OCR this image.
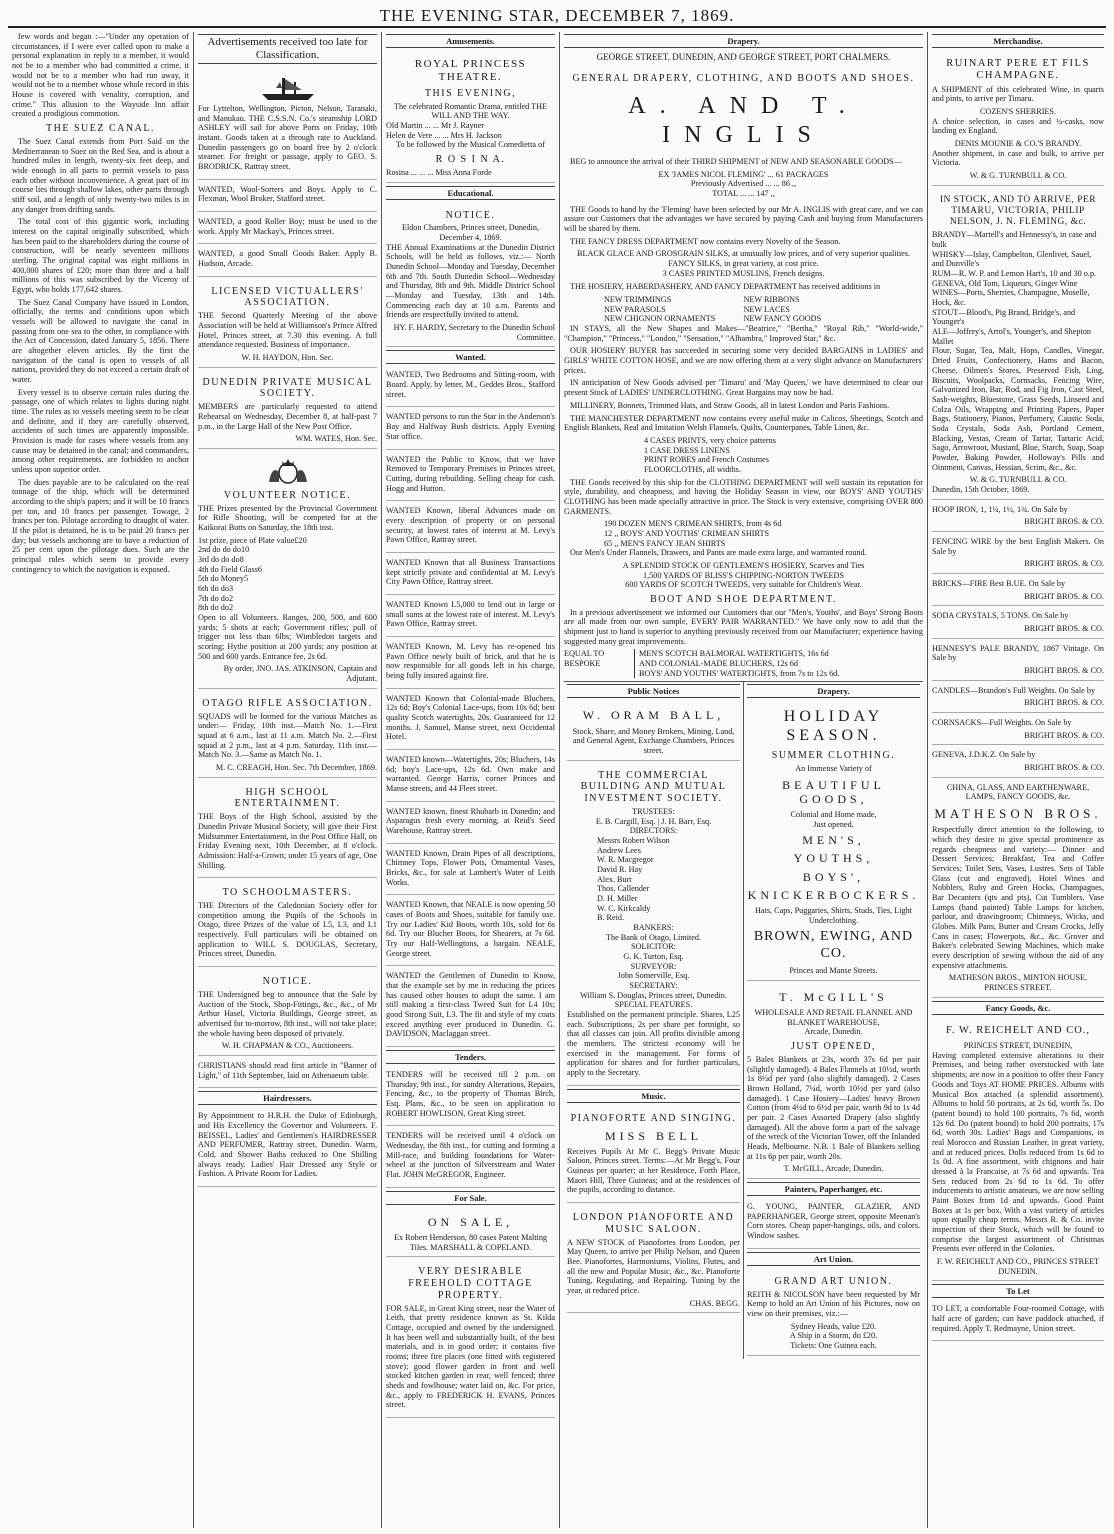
THE EVENING STAR, DECEMBER 7, 1869.

few words and began :—"Under any operation of circumstances, if I were ever called upon to make a personal explanation in reply to a member, it would not be to a member who had committed a crime, it would not be to a member who had run away, it would not be to a member whose whole record in this House is covered with venality, corruption, and crime." This allusion to the Wayside Inn affair created a prodigious commotion.

THE SUEZ CANAL.

The Suez Canal extends from Port Said on the Mediterranean to Suez on the Red Sea, and is about a hundred miles in length, twenty-six feet deep, and wide enough in all parts to permit vessels to pass each other without inconvenience. A great part of its course lies through shallow lakes, other parts through stiff soil, and a length of only twenty-two miles is in any danger from drifting sands.

The total cost of this gigantic work, including interest on the capital originally subscribed, which has been paid to the shareholders during the course of construction, will be nearly seventeen millions sterling. The original capital was eight millions in 400,000 shares of £20; more than three and a half millions of this was subscribed by the Viceroy of Egypt, who holds 177,642 shares.

The Suez Canal Company have issued in London, officially, the terms and conditions upon which vessels will be allowed to navigate the canal in passing from one sea to the other, in compliance with the Act of Concession, dated January 5, 1856. There are altogether eleven articles. By the first the navigation of the canal is open to vessels of all nations, provided they do not exceed a certain draft of water.

Every vessel is to observe certain rules during the passage, one of which relates to lights during night time. The rules as to vessels meeting seem to be clear and definite, and if they are carefully observed, accidents of such times are apparently impossible. Provision is made for cases where vessels from any cause may be detained in the canal; and commanders, among other requirements, are forbidden to anchor unless upon superior order.

The dues payable are to be calculated on the real tonnage of the ship, which will be determined according to the ship's papers; and it will be 10 francs per ton, and 10 francs per passenger. Towage, 2 francs per ton. Pilotage according to draught of water. If the pilot is detained, he is to be paid 20 francs per day; but vessels anchoring are to have a reduction of 25 per cent upon the pilotage dues. Such are the principal rules which seem to provide every contingency to which the navigation is exposed.

Advertisements received too late for Classification.

For Lyttelton, Wellington, Picton, Nelson, Taranaki, and Manukau. THE C.S.S.N. Co.'s steamship LORD ASHLEY will sail for above Ports on Friday, 10th instant. Goods taken at a through rate to Auckland. Dunedin passengers go on board free by 2 o'clock steamer. For freight or passage, apply to GEO. S. BRODRICK, Rattray street.

WANTED, Wool-Sorters and Boys. Apply to C. Flexman, Wool Broker, Stafford street.

WANTED, a good Roller Boy; must be used to the work. Apply Mr Mackay's, Princes street.

WANTED, a good Small Goods Baker. Apply B. Hudson, Arcade.

LICENSED VICTUALLERS' ASSOCIATION.

THE Second Quarterly Meeting of the above Association will be held at Williamson's Prince Alfred Hotel, Princes street, at 7.30 this evening. A full attendance requested. Business of importance.

W. H. HAYDON, Hon. Sec.
DUNEDIN PRIVATE MUSICAL SOCIETY.

MEMBERS are particularly requested to attend Rehearsal on Wednesday, December 8, at half-past 7 p.m., in the Large Hall of the New Post Office.

WM. WATES, Hon. Sec.
VOLUNTEER NOTICE.

THE Prizes presented by the Provincial Government for Rifle Shooting, will be competed for at the Kaikorai Butts on Saturday, the 18th inst.

1st prize, piece of Plate value £20
2nd do do do 10
3rd do do do 8
4th do Field Glass 6
5th do Money 5
6th do do 3
7th do do 2
8th do do 2

Open to all Volunteers. Ranges, 200, 500, and 600 yards; 5 shots at each; Government rifles; pull of trigger not less than 6lbs; Wimbledon targets and scoring; Hythe position at 200 yards; any position at 500 and 600 yards. Entrance fee, 2s 6d.

By order, JNO. JAS. ATKINSON, Captain and Adjutant.
OTAGO RIFLE ASSOCIATION.

SQUADS will be formed for the various Matches as under:— Friday, 10th inst.—Match No. 1.—First squad at 6 a.m., last at 11 a.m. Match No. 2.—First squad at 2 p.m., last at 4 p.m. Saturday, 11th inst.—Match No. 3.—Same as Match No. 1.

M. C. CREAGH, Hon. Sec. 7th December, 1869.
HIGH SCHOOL ENTERTAINMENT.

THE Boys of the High School, assisted by the Dunedin Private Musical Society, will give their First Midsummer Entertainment, in the Post Office Hall, on Friday Evening next, 10th December, at 8 o'clock. Admission: Half-a-Crown; under 15 years of age, One Shilling.

TO SCHOOLMASTERS.

THE Directors of the Caledonian Society offer for competition among the Pupils of the Schools in Otago, three Prizes of the value of L5, L3, and L1 respectively. Full particulars will be obtained on application to WILL S. DOUGLAS, Secretary, Princes street, Dunedin.

NOTICE.

THE Undersigned beg to announce that the Sale by Auction of the Stock, Shop-Fittings, &c., &c., of Mr Arthur Hasel, Victoria Buildings, George street, as advertised for to-morrow, 8th inst., will not take place; the whole having been disposed of privately.

W. H. CHAPMAN & CO., Auctioneers.

CHRISTIANS should read first article in "Banner of Light," of 11th September, laid on Athenaeum table.

Hairdressers.

By Appointment to H.R.H. the Duke of Edinburgh, and His Excellency the Governor and Volunteers. F. BEISSEL, Ladies' and Gentlemen's HAIRDRESSER AND PERFUMER, Rattray street, Dunedin. Warm, Cold, and Shower Baths reduced to One Shilling always ready. Ladies' Hair Dressed any Style or Fashion. A Private Room for Ladies.

Amusements.
ROYAL PRINCESS THEATRE.
THIS EVENING,
The celebrated Romantic Drama, entitled THE WILL AND THE WAY.
Old Martin ... ... Mr J. Rayner
Helen de Vere ... ... Mrs H. Jackson
To be followed by the Musical Comedietta of
R O S I N A.
Rosina ... ... ... Miss Anna Forde
Educational.
NOTICE.
Eldon Chambers, Princes street, Dunedin, December 4, 1869.

THE Annual Examinations at the Dunedin District Schools, will be held as follows, viz.:— North Dunedin School—Monday and Tuesday, December 6th and 7th. South Dunedin School—Wednesday and Thursday, 8th and 9th. Middle District School—Monday and Tuesday, 13th and 14th. Commencing each day at 10 a.m. Parents and friends are respectfully invited to attend.

HY. F. HARDY, Secretary to the Dunedin School Committee.
Wanted.

WANTED, Two Bedrooms and Sitting-room, with Board. Apply, by letter, M., Geddes Bros., Stafford street.

WANTED persons to run the Star in the Anderson's Bay and Halfway Bush districts. Apply Evening Star office.

WANTED the Public to Know, that we have Removed to Temporary Premises in Princes street, Cutting, during rebuilding. Selling cheap for cash. Hogg and Hutton.

WANTED Known, liberal Advances made on every description of property or on personal security, at lowest rates of interest at M. Levy's Pawn Office, Rattray street.

WANTED Known that all Business Transactions kept strictly private and confidential at M. Levy's City Pawn Office, Rattray street.

WANTED Known L5,000 to lend out in large or small sums at the lowest rate of interest. M. Levy's Pawn Office, Rattray street.

WANTED Known, M. Levy has re-opened his Pawn Office newly built of brick, and that he is now responsible for all goods left in his charge, being fully insured against fire.

WANTED Known that Colonial-made Bluchers, 12s 6d; Boy's Colonial Lace-ups, from 10s 6d; best quality Scotch watertights, 20s. Guaranteed for 12 months. J. Samuel, Manse street, next Occidental Hotel.

WANTED known—Watertights, 20s; Bluchers, 14s 6d; boy's Lace-ups, 12s 6d. Own make and warranted. George Harris, corner Princes and Manse streets, and 44 Fleet street.

WANTED known, finest Rhubarb in Dunedin; and Asparagus fresh every morning, at Reid's Seed Warehouse, Rattray street.

WANTED Known, Drain Pipes of all descriptions, Chimney Tops, Flower Pots, Ornamental Vases, Bricks, &c., for sale at Lambert's Water of Leith Works.

WANTED Known, that NEALE is now opening 50 cases of Boots and Shoes, suitable for family use. Try our Ladies' Kid Boots, worth 10s, sold for 6s 6d. Try our Blucher Boots, for Shearers, at 7s 6d. Try our Half-Wellingtons, a bargain. NEALE, George street.

WANTED the Gentlemen of Dunedin to Know, that the example set by me in reducing the prices has caused other houses to adopt the same. I am still making a first-class Tweed Suit for L4 10s; good Strong Suit, L3. The fit and style of my coats exceed anything ever produced in Dunedin. G. DAVIDSON, Maclaggan street.

Tenders.

TENDERS will be received till 2 p.m. on Thursday, 9th inst., for sundry Alterations, Repairs, Fencing, &c., to the property of Thomas Birch, Esq. Plans, &c., to be seen on application to ROBERT HOWLISON, Great King street.

TENDERS will be received until 4 o'clock on Wednesday, the 8th inst., for cutting and forming a Mill-race, and building foundations for Water-wheel at the junction of Silverstream and Water Flat. JOHN McGREGOR, Engineer.

For Sale.
ON SALE,
Ex Robert Henderson, 80 cases Patent Malting Tiles. MARSHALL & COPELAND.
VERY DESIRABLE FREEHOLD COTTAGE PROPERTY.

FOR SALE, in Great King street, near the Water of Leith, that pretty residence known as St. Kilda Cottage, occupied and owned by the undersigned. It has been well and substantially built, of the best materials, and is in good order; it contains five rooms; three fire places (one fitted with registered stove); good flower garden in front and well stocked kitchen garden in rear, well fenced; three sheds and fowlhouse; water laid on, &c. For price, &c., apply to FREDERICK H. EVANS, Princes street.

Drapery.
GEORGE STREET, DUNEDIN, AND GEORGE STREET, PORT CHALMERS.
GENERAL DRAPERY, CLOTHING, AND BOOTS AND SHOES.
A. AND T. INGLIS

BEG to announce the arrival of their THIRD SHIPMENT of NEW AND SEASONABLE GOODS—

EX 'JAMES NICOL FLEMING' ... 61 PACKAGES
Previously Advertised ... ... 86 ,,
TOTAL ... ... 147 ,,

THE Goods to hand by the 'Fleming' have been selected by our Mr A. INGLIS with great care, and we can assure our Customers that the advantages we have secured by paying Cash and buying from Manufacturers will be shared by them.

THE FANCY DRESS DEPARTMENT now contains every Novelty of the Season.

BLACK GLACE AND GROSGRAIN SILKS, at unusually low prices, and of very superior qualities.
FANCY SILKS, in great variety, at cost price.
3 CASES PRINTED MUSLINS, French designs.

THE HOSIERY, HABERDASHERY, AND FANCY DEPARTMENT has received additions in

NEW TRIMMINGS
NEW PARASOLS
NEW CHIGNON ORNAMENTS
NEW RIBBONS
NEW LACES
NEW FANCY GOODS

IN STAYS, all the New Shapes and Makes—"Beatrice," "Bertha," "Royal Rib," "World-wide," "Champion," "Princess," "London," "Sensation," "Alhambra," Improved Star," &c.

OUR HOSIERY BUYER has succeeded in securing some very decided BARGAINS in LADIES' and GIRLS' WHITE COTTON HOSE, and we are now offering them at a very slight advance on Manufacturers' prices.

IN anticipation of New Goods advised per 'Timaru' and 'May Queen,' we have determined to clear our present Stock of LADIES' UNDERCLOTHING. Great Bargains may now be had.

MILLINERY, Bonnets, Trimmed Hats, and Straw Goods, all in latest London and Paris Fashions.

THE MANCHESTER DEPARTMENT now contains every useful make in Calicos, Sheetings, Scotch and English Blankets, Real and Imitation Welsh Flannels, Quilts, Counterpanes, Table Linen, &c.

4 CASES PRINTS, very choice patterns
1 CASE DRESS LINENS
PRINT ROBES and French Costumes
FLOORCLOTHS, all widths.

THE Goods received by this ship for the CLOTHING DEPARTMENT will well sustain its reputation for style, durability, and cheapness, and having the Holiday Season in view, our BOYS' AND YOUTHS' CLOTHING has been made specially attractive in price. The Stock is very extensive, comprising OVER 800 GARMENTS.

190 DOZEN MEN'S CRIMEAN SHIRTS, from 4s 6d
12 ,, BOYS' AND YOUTHS' CRIMEAN SHIRTS
65 ,, MEN'S FANCY JEAN SHIRTS

Our Men's Under Flannels, Drawers, and Pants are made extra large, and warranted round.

A SPLENDID STOCK OF GENTLEMEN'S HOSIERY, Scarves and Ties
1,500 YARDS OF BLISS'S CHIPPING-NORTON TWEEDS
600 YARDS OF SCOTCH TWEEDS, very suitable for Children's Wear.
BOOT AND SHOE DEPARTMENT.

In a previous advertisement we informed our Customers that our "Men's, Youths', and Boys' Strong Boots are all made from our own sample, EVERY PAIR WARRANTED." We have only now to add that the shipment just to hand is superior to anything previously received from our Manufacturer; experience having suggested many great improvements.

EQUAL TO BESPOKE
MEN'S SCOTCH BALMORAL WATERTIGHTS, 16s 6d
AND COLONIAL-MADE BLUCHERS, 12s 6d
BOYS' AND YOUTHS' WATERTIGHTS, from 7s to 12s 6d.
Public Notices
W. ORAM BALL,
Stock, Share, and Money Brokers, Mining, Land, and General Agent, Exchange Chambers, Princes street.
THE COMMERCIAL BUILDING AND MUTUAL INVESTMENT SOCIETY.
TRUSTEES:
E. B. Cargill, Esq. | J. H. Barr, Esq.
DIRECTORS:
Messrs Robert Wilson
Andrew Lees
W. R. Macgregor
David R. Hay
Alex. Burt
Thos. Callender
D. H. Miller
W. C. Kirkcaldy
B. Reid.
BANKERS:
The Bank of Otago, Limited.
SOLICITOR:
G. K. Turton, Esq.
SURVEYOR:
John Somerville, Esq.
SECRETARY:
William S. Douglas, Princes street, Dunedin.
SPECIAL FEATURES.

Established on the permanent principle. Shares, L25 each. Subscriptions, 2s per share per fortnight, so that all classes can join. All profits divisible among the members. The strictest economy will be exercised in the management. For forms of application for shares and for further particulars, apply to the Secretary.

Music.
PIANOFORTE AND SINGING.
MISS BELL

Receives Pupils At Mr C. Begg's Private Music Saloon, Princes street. Terms:—At Mr Begg's, Four Guineas per quarter; at her Residence, Forth Place, Maori Hill, Three Guineas; and at the residences of the pupils, according to distance.

LONDON PIANOFORTE AND MUSIC SALOON.

A NEW STOCK of Pianofortes from London, per May Queen, to arrive per Philip Nelson, and Queen Bee. Pianofortes, Harmoniums, Violins, Flutes, and all the new and Popular Music, &c., &c. Pianoforte Tuning, Regulating, and Repairing. Tuning by the year, at reduced price.

CHAS. BEGG.
Drapery.
HOLIDAY SEASON.
SUMMER CLOTHING.
An Immense Variety of
BEAUTIFUL GOODS,
Colonial and Home made,
Just opened.
MEN'S,
YOUTHS,
BOYS',
KNICKERBOCKERS.
Hats, Caps, Puggaries, Shirts, Studs, Ties, Light Underclothing.
BROWN, EWING, AND CO.
Princes and Manse Streets.
T. McGILL'S
WHOLESALE AND RETAIL FLANNEL AND BLANKET WAREHOUSE,
Arcade, Dunedin.
JUST OPENED,

5 Bales Blankets at 23s, worth 37s 6d per pair (slightly damaged). 4 Bales Flannels at 10½d, worth 1s 8½d per yard (also slightly damaged). 2 Cases Brown Holland, 7¼d, worth 10½d per yard (also damaged). 1 Case Hosiery—Ladies' heavy Brown Cotton (from 4½d to 6½d per pair, worth 9d to 1s 4d per pair. 2 Cases Assorted Drapery (also slightly damaged). All the above form a part of the salvage of the wreck of the Victorian Tower, off the Inlanded Heads, Melbourne. N.B. 1 Bale of Blankets selling at 11s 6p per pair, worth 20s.

T. McGILL, Arcade, Dunedin.
Painters, Paperhanger, etc.

G. YOUNG, PAINTER, GLAZIER, AND PAPERHANGER, George street, opposite Meenan's Corn stores. Cheap paper-hangings, oils, and colors. Window sashes.

Art Union.
GRAND ART UNION.

REITH & NICOLSON have been requested by Mr Kemp to hold an Art Union of his Pictures, now on view on their premises, viz.:—

Sydney Heads, value £20.
A Ship in a Storm, do £20.
Tickets: One Guinea each.
Merchandise.
RUINART PERE ET FILS CHAMPAGNE.

A SHIPMENT of this celebrated Wine, in quarts and pints, to arrive per Timaru.

COZEN'S SHERRIES.

A choice selection, in cases and ¼-casks, now landing ex England.

DENIS MOUNIE & CO.'S BRANDY.

Another shipment, in case and bulk, to arrive per Victoria.

W. & G. TURNBULL & CO.
IN STOCK, AND TO ARRIVE, PER TIMARU, VICTORIA, PHILIP NELSON, J. N. FLEMING, &c.
BRANDY—Martell's and Hennessy's, in case and bulk
WHISKY—Islay, Campbelton, Glenlivet, Sauel, and Dunville's
RUM—R. W. P. and Lemon Hart's, 10 and 30 o.p.
GENEVA, Old Tom, Liqueurs, Ginger Wine
WINES—Ports, Sherries, Champagne, Moselle, Hock, &c.
STOUT—Blood's, Pig Brand, Bridge's, and Younger's
ALE—Joffrey's, Arrol's, Younger's, and Shepton Mallet

Flour, Sugar, Tea, Malt, Hops, Candles, Vinegar, Dried Fruits, Confectionery, Hams and Bacon, Cheese, Oilmen's Stores, Preserved Fish, Ling, Biscuits, Woolpacks, Cornsacks, Fencing Wire, Galvanized Iron, Bar, Rod, and Fig Iron, Cast Steel, Sash-weights, Bluestone, Grass Seeds, Linseed and Colza Oils, Wrapping and Printing Papers, Paper Bags, Stationery, Pianos, Perfumery, Caustic Soda, Soda Crystals, Soda Ash, Portland Cement, Blacking, Vestas, Cream of Tartar, Tartaric Acid, Sago, Arrowroot, Mustard, Blue, Starch, Soap, Soap Powder, Baking Powder, Holloway's Pills and Ointment, Canvas, Hessian, Scrim, &c., &c.

W. & G. TURNBULL & CO.
Dunedin, 15th October, 1869.

HOOP IRON, 1, 1¼, 1½, 1¾. On Sale by

BRIGHT BROS. & CO.

FENCING WIRE by the best English Makers. On Sale by

BRIGHT BROS. & CO.

BRICKS—FIRE Best B.UE. On Sale by

BRIGHT BROS. & CO.

SODA CRYSTALS, 5 TONS. On Sale by

BRIGHT BROS. & CO.

HENNESY'S PALE BRANDY, 1867 Vintage. On Sale by

BRIGHT BROS. & CO.

CANDLES—Brandon's Full Weights. On Sale by

BRIGHT BROS. & CO.

CORNSACKS—Full Weights. On Sale by

BRIGHT BROS. & CO.

GENEVA, J.D.K.Z. On Sale by

BRIGHT BROS. & CO.
CHINA, GLASS, AND EARTHENWARE, LAMPS, FANCY GOODS, &c.
MATHESON BROS.

Respectfully direct attention to the following, to which they desire to give special prominence as regards cheapness and variety:— Dinner and Dessert Services; Breakfast, Tea and Coffee Services; Toilet Sets, Vases, Lustres. Sets of Table Glass (cut and engraved), Hotel Wines and Nobblers, Ruby and Green Hocks, Champagnes, Bar Decanters (qts and pts), Cut Tumblers. Vase Lamps (hand painted) Table Lamps for kitchen, parlour, and drawingroom; Chimneys, Wicks, and Globes. Milk Pans, Butter and Cream Crocks, Jelly Cans in cases; Flowerpots, &c., &c. Grover and Baker's celebrated Sewing Machines, which make every description of sewing without the aid of any expensive attachments.

MATHESON BROS., MINTON HOUSE, PRINCES STREET.
Fancy Goods, &c.
F. W. REICHELT AND CO.,
PRINCES STREET, DUNEDIN,

Having completed extensive alterations to their Premises, and being rather overstocked with late shipments, are now in a position to offer their Fancy Goods and Toys AT HOME PRICES. Albums with Musical Box attached (a splendid assortment). Albums to hold 50 portraits, at 2s 6d, worth 5s. Do (patent bound) to hold 100 portraits, 7s 6d, worth 12s 6d. Do (patent bound) to hold 200 portraits, 17s 6d, worth 30s. Ladies' Bags and Companions, in real Morocco and Russian Leather, in great variety, and at reduced prices. Dolls reduced from 1s 6d to 1s 0d. A fine assortment, with chignons and hair dressed à la Francaise, at 7s 6d and upwards. Tea Sets reduced from 2s 6d to 1s 6d. To offer inducements to artistic amateurs, we are now selling Paint Boxes from 1d and upwards. Good Paint Boxes at 1s per box. With a vast variety of articles upon equally cheap terms. Messrs R. & Co. invite inspection of their Stock, which will be found to comprise the largest assortment of Christmas Presents ever offered in the Colonies.

F. W. REICHELT AND CO., PRINCES STREET DUNEDIN.
To Let

TO LET, a comfortable Four-roomed Cottage, with half acre of garden; can have paddock attached, if required. Apply T. Redmayne, Union street.
